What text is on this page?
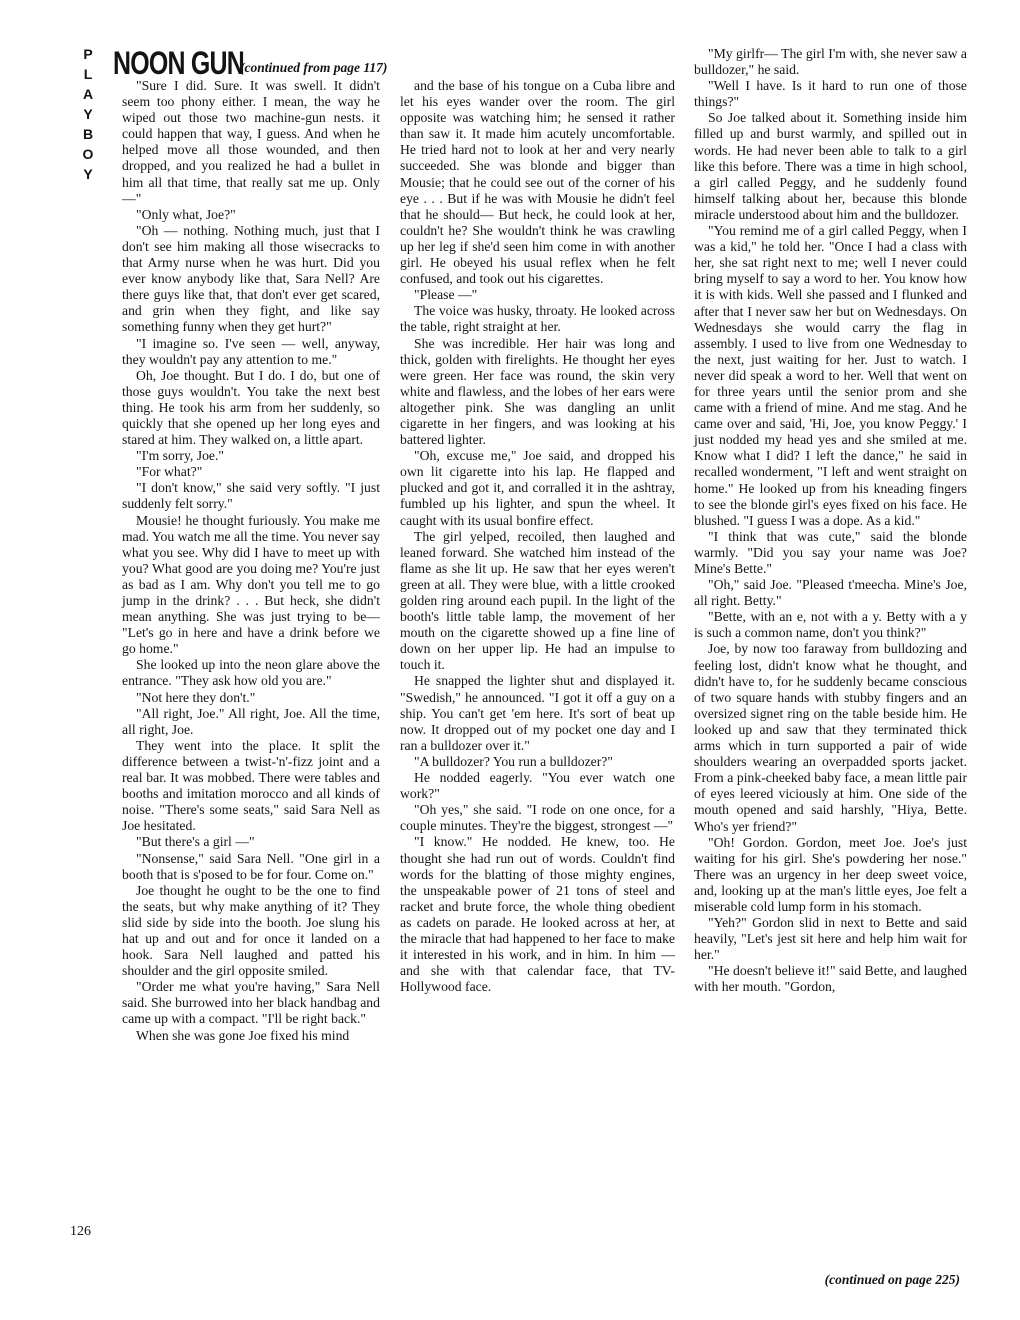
P
L
A
Y
B
O
Y
NOON GUN
(continued from page 117)

"Sure I did. Sure. It was swell. It didn't seem too phony either. I mean, the way he wiped out those two machine-gun nests. it could happen that way, I guess. And when he helped move all those wounded, and then dropped, and you realized he had a bullet in him all that time, that really sat me up. Only —"

"Only what, Joe?"

"Oh — nothing. Nothing much, just that I don't see him making all those wisecracks to that Army nurse when he was hurt. Did you ever know anybody like that, Sara Nell? Are there guys like that, that don't ever get scared, and grin when they fight, and like say something funny when they get hurt?"

"I imagine so. I've seen — well, anyway, they wouldn't pay any attention to me."

Oh, Joe thought. But I do. I do, but one of those guys wouldn't. You take the next best thing. He took his arm from her suddenly, so quickly that she opened up her long eyes and stared at him. They walked on, a little apart.

"I'm sorry, Joe."

"For what?"

"I don't know," she said very softly. "I just suddenly felt sorry."

Mousie! he thought furiously. You make me mad. You watch me all the time. You never say what you see. Why did I have to meet up with you? What good are you doing me? You're just as bad as I am. Why don't you tell me to go jump in the drink? . . . But heck, she didn't mean anything. She was just trying to be— "Let's go in here and have a drink before we go home."

She looked up into the neon glare above the entrance. "They ask how old you are."

"Not here they don't."

"All right, Joe." All right, Joe. All the time, all right, Joe.

They went into the place. It split the difference between a twist-'n'-fizz joint and a real bar. It was mobbed. There were tables and booths and imitation morocco and all kinds of noise. "There's some seats," said Sara Nell as Joe hesitated.

"But there's a girl —"

"Nonsense," said Sara Nell. "One girl in a booth that is s'posed to be for four. Come on."

Joe thought he ought to be the one to find the seats, but why make anything of it? They slid side by side into the booth. Joe slung his hat up and out and for once it landed on a hook. Sara Nell laughed and patted his shoulder and the girl opposite smiled.

"Order me what you're having," Sara Nell said. She burrowed into her black handbag and came up with a compact. "I'll be right back."

When she was gone Joe fixed his mind

and the base of his tongue on a Cuba libre and let his eyes wander over the room. The girl opposite was watching him; he sensed it rather than saw it. It made him acutely uncomfortable. He tried hard not to look at her and very nearly succeeded. She was blonde and bigger than Mousie; that he could see out of the corner of his eye . . . But if he was with Mousie he didn't feel that he should— But heck, he could look at her, couldn't he? She wouldn't think he was crawling up her leg if she'd seen him come in with another girl. He obeyed his usual reflex when he felt confused, and took out his cigarettes.

"Please —"

The voice was husky, throaty. He looked across the table, right straight at her.

She was incredible. Her hair was long and thick, golden with firelights. He thought her eyes were green. Her face was round, the skin very white and flawless, and the lobes of her ears were altogether pink. She was dangling an unlit cigarette in her fingers, and was looking at his battered lighter.

"Oh, excuse me," Joe said, and dropped his own lit cigarette into his lap. He flapped and plucked and got it, and corralled it in the ashtray, fumbled up his lighter, and spun the wheel. It caught with its usual bonfire effect.

The girl yelped, recoiled, then laughed and leaned forward. She watched him instead of the flame as she lit up. He saw that her eyes weren't green at all. They were blue, with a little crooked golden ring around each pupil. In the light of the booth's little table lamp, the movement of her mouth on the cigarette showed up a fine line of down on her upper lip. He had an impulse to touch it.

He snapped the lighter shut and displayed it. "Swedish," he announced. "I got it off a guy on a ship. You can't get 'em here. It's sort of beat up now. It dropped out of my pocket one day and I ran a bulldozer over it."

"A bulldozer? You run a bulldozer?"

He nodded eagerly. "You ever watch one work?"

"Oh yes," she said. "I rode on one once, for a couple minutes. They're the biggest, strongest —"

"I know." He nodded. He knew, too. He thought she had run out of words. Couldn't find words for the blatting of those mighty engines, the unspeakable power of 21 tons of steel and racket and brute force, the whole thing obedient as cadets on parade. He looked across at her, at the miracle that had happened to her face to make it interested in his work, and in him. In him — and she with that calendar face, that TV-Hollywood face.

"My girlfr— The girl I'm with, she never saw a bulldozer," he said.

"Well I have. Is it hard to run one of those things?"

So Joe talked about it. Something inside him filled up and burst warmly, and spilled out in words. He had never been able to talk to a girl like this before. There was a time in high school, a girl called Peggy, and he suddenly found himself talking about her, because this blonde miracle understood about him and the bulldozer.

"You remind me of a girl called Peggy, when I was a kid," he told her. "Once I had a class with her, she sat right next to me; well I never could bring myself to say a word to her. You know how it is with kids. Well she passed and I flunked and after that I never saw her but on Wednesdays. On Wednesdays she would carry the flag in assembly. I used to live from one Wednesday to the next, just waiting for her. Just to watch. I never did speak a word to her. Well that went on for three years until the senior prom and she came with a friend of mine. And me stag. And he came over and said, 'Hi, Joe, you know Peggy.' I just nodded my head yes and she smiled at me. Know what I did? I left the dance," he said in recalled wonderment, "I left and went straight on home." He looked up from his kneading fingers to see the blonde girl's eyes fixed on his face. He blushed. "I guess I was a dope. As a kid."

"I think that was cute," said the blonde warmly. "Did you say your name was Joe? Mine's Bette."

"Oh," said Joe. "Pleased t'meecha. Mine's Joe, all right. Betty."

"Bette, with an e, not with a y. Betty with a y is such a common name, don't you think?"

Joe, by now too faraway from bulldozing and feeling lost, didn't know what he thought, and didn't have to, for he suddenly became conscious of two square hands with stubby fingers and an oversized signet ring on the table beside him. He looked up and saw that they terminated thick arms which in turn supported a pair of wide shoulders wearing an overpadded sports jacket. From a pink-cheeked baby face, a mean little pair of eyes leered viciously at him. One side of the mouth opened and said harshly, "Hiya, Bette. Who's yer friend?"

"Oh! Gordon. Gordon, meet Joe. Joe's just waiting for his girl. She's powdering her nose." There was an urgency in her deep sweet voice, and, looking up at the man's little eyes, Joe felt a miserable cold lump form in his stomach.

"Yeh?" Gordon slid in next to Bette and said heavily, "Let's jest sit here and help him wait for her."

"He doesn't believe it!" said Bette, and laughed with her mouth. "Gordon,

126
(continued on page 225)
